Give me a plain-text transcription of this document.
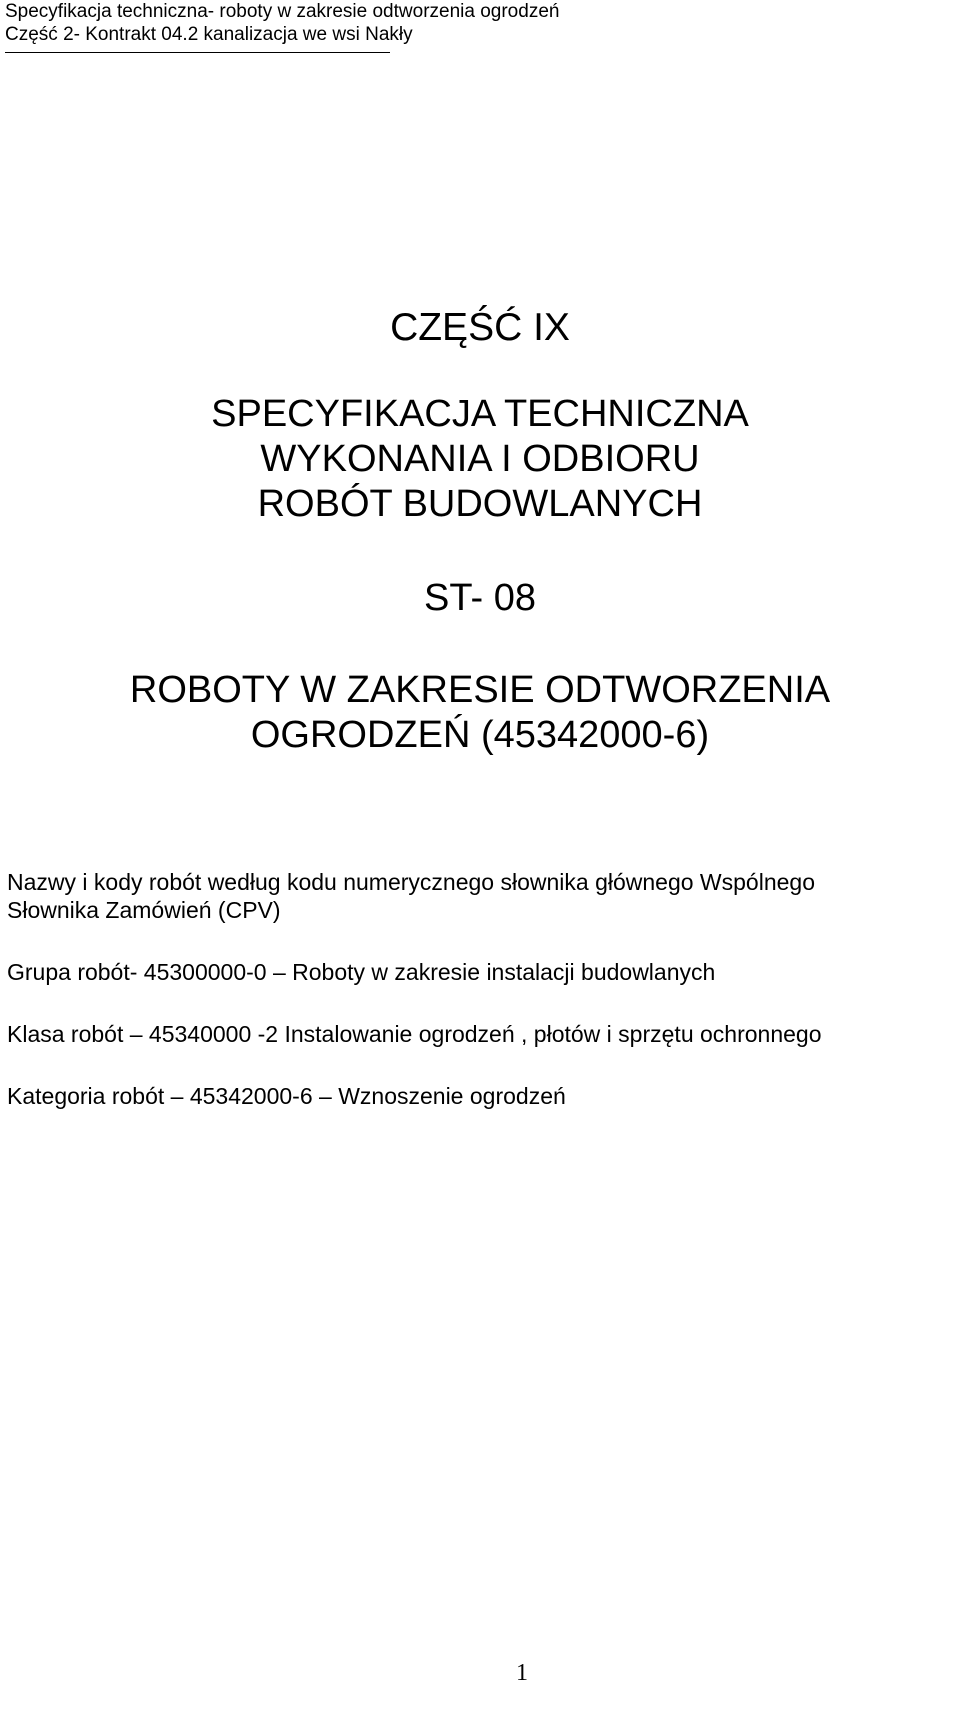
Specyfikacja techniczna- roboty w zakresie odtworzenia ogrodzeń
Część 2- Kontrakt 04.2 kanalizacja we wsi Nakły
CZĘŚĆ IX
SPECYFIKACJA TECHNICZNA
WYKONANIA I ODBIORU
ROBÓT BUDOWLANYCH
ST- 08
ROBOTY W ZAKRESIE ODTWORZENIA
OGRODZEŃ (45342000-6)
Nazwy i kody robót według kodu numerycznego słownika głównego Wspólnego
Słownika Zamówień (CPV)
Grupa robót- 45300000-0 – Roboty w zakresie instalacji budowlanych
Klasa robót – 45340000 -2 Instalowanie ogrodzeń , płotów i sprzętu ochronnego
Kategoria robót – 45342000-6 – Wznoszenie ogrodzeń
1
